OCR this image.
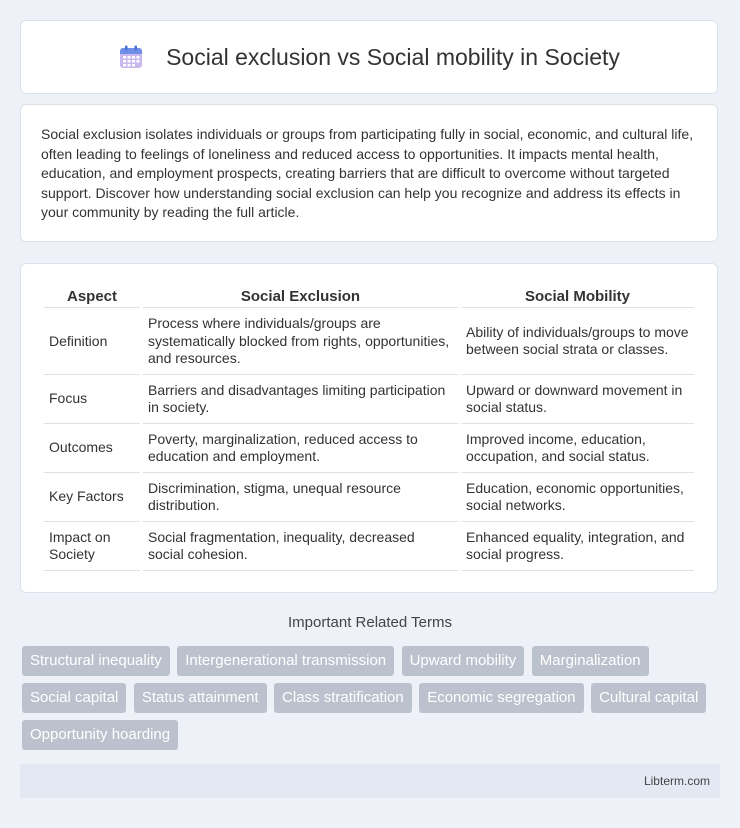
Social exclusion vs Social mobility in Society

Social exclusion isolates individuals or groups from participating fully in social, economic, and cultural life, often leading to feelings of loneliness and reduced access to opportunities. It impacts mental health, education, and employment prospects, creating barriers that are difficult to overcome without targeted support. Discover how understanding social exclusion can help you recognize and address its effects in your community by reading the full article.

Aspect	Social Exclusion	Social Mobility
Definition	Process where individuals/groups are systematically blocked from rights, opportunities, and resources.	Ability of individuals/groups to move between social strata or classes.
Focus	Barriers and disadvantages limiting participation in society.	Upward or downward movement in social status.
Outcomes	Poverty, marginalization, reduced access to education and employment.	Improved income, education, occupation, and social status.
Key Factors	Discrimination, stigma, unequal resource distribution.	Education, economic opportunities, social networks.
Impact on Society	Social fragmentation, inequality, decreased social cohesion.	Enhanced equality, integration, and social progress.
Important Related Terms
Structural inequality Intergenerational transmission Upward mobility Marginalization Social capital Status attainment Class stratification Economic segregation Cultural capital Opportunity hoarding
Libterm.com
